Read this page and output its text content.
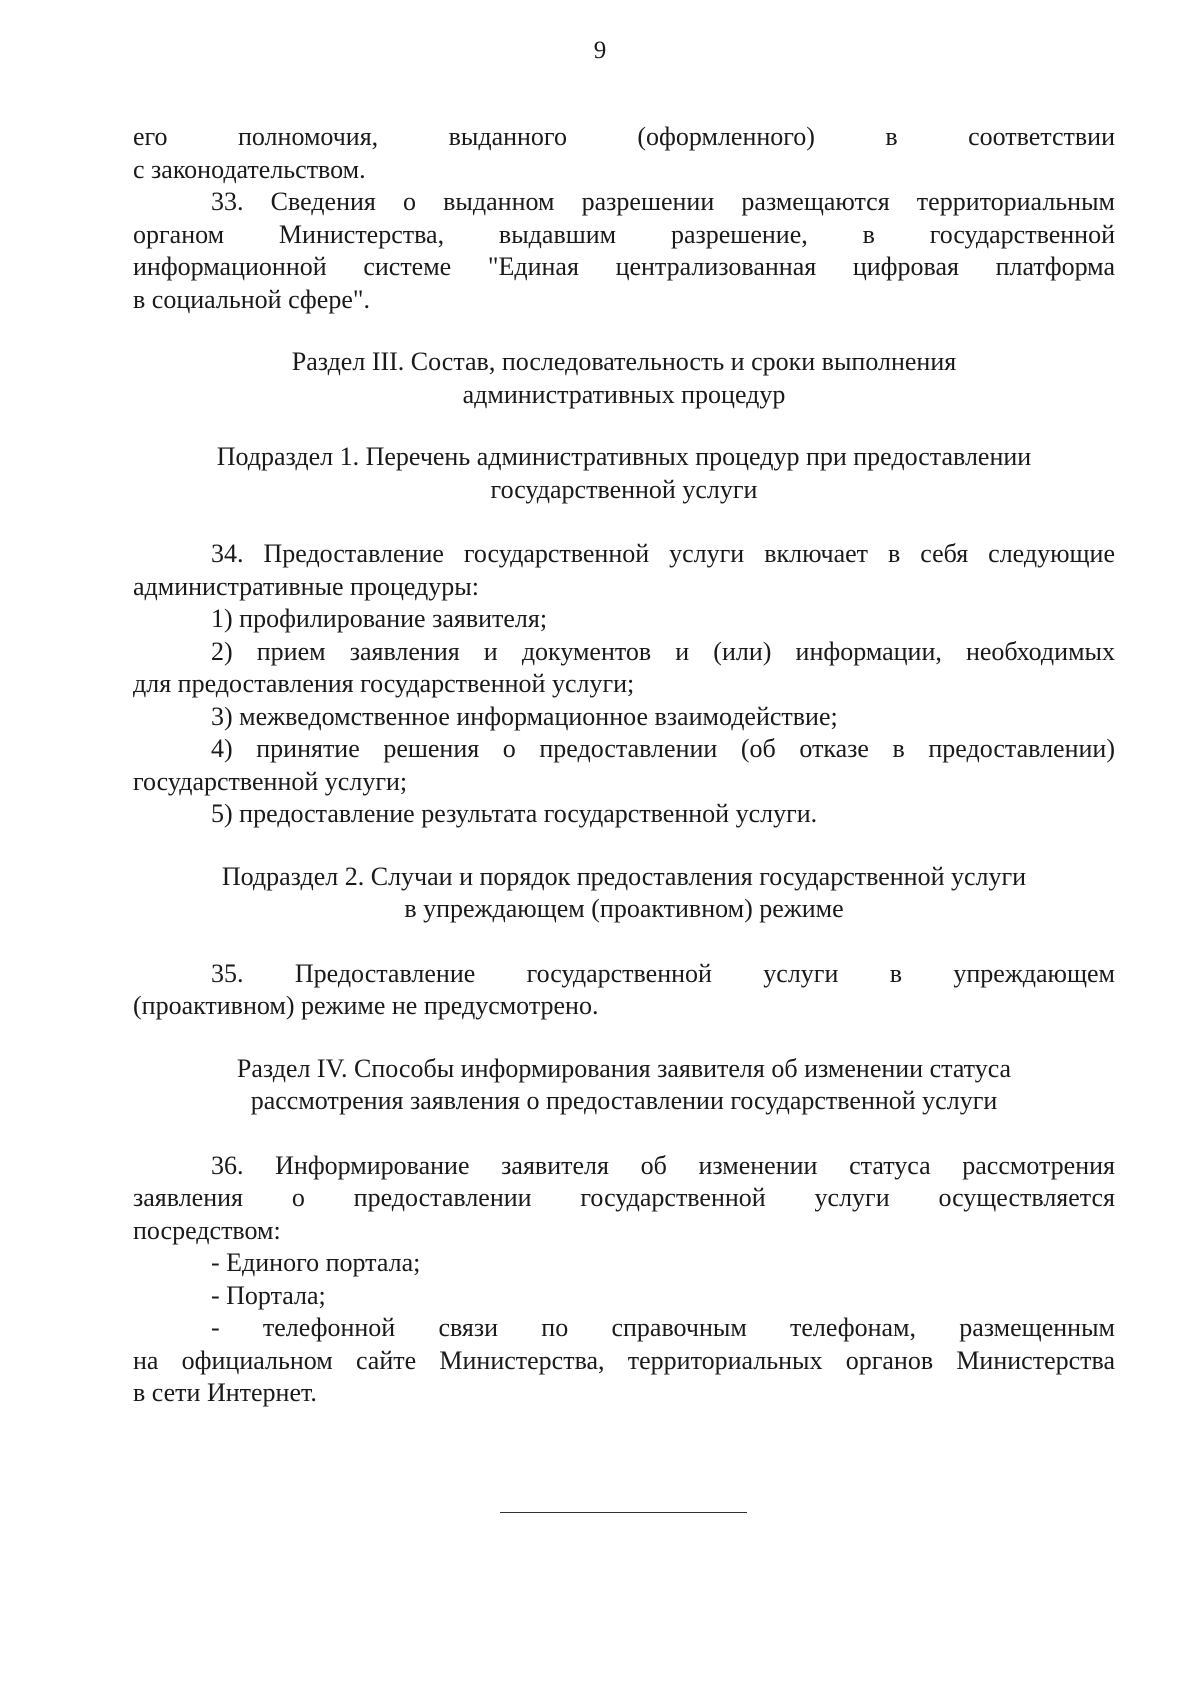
9
его полномочия, выданного (оформленного) в соответствии
с законодательством.
33. Сведения о выданном разрешении размещаются территориальным
органом Министерства, выдавшим разрешение, в государственной
информационной системе "Единая централизованная цифровая платформа
в социальной сфере".
Раздел III. Состав, последовательность и сроки выполнения
административных процедур
Подраздел 1. Перечень административных процедур при предоставлении
государственной услуги
34. Предоставление государственной услуги включает в себя следующие
административные процедуры:
1) профилирование заявителя;
2) прием заявления и документов и (или) информации, необходимых
для предоставления государственной услуги;
3) межведомственное информационное взаимодействие;
4) принятие решения о предоставлении (об отказе в предоставлении)
государственной услуги;
5) предоставление результата государственной услуги.
Подраздел 2. Случаи и порядок предоставления государственной услуги
в упреждающем (проактивном) режиме
35. Предоставление государственной услуги в упреждающем
(проактивном) режиме не предусмотрено.
Раздел IV. Способы информирования заявителя об изменении статуса
рассмотрения заявления о предоставлении государственной услуги
36. Информирование заявителя об изменении статуса рассмотрения
заявления о предоставлении государственной услуги осуществляется
посредством:
- Единого портала;
- Портала;
- телефонной связи по справочным телефонам, размещенным
на официальном сайте Министерства, территориальных органов Министерства
в сети Интернет.
